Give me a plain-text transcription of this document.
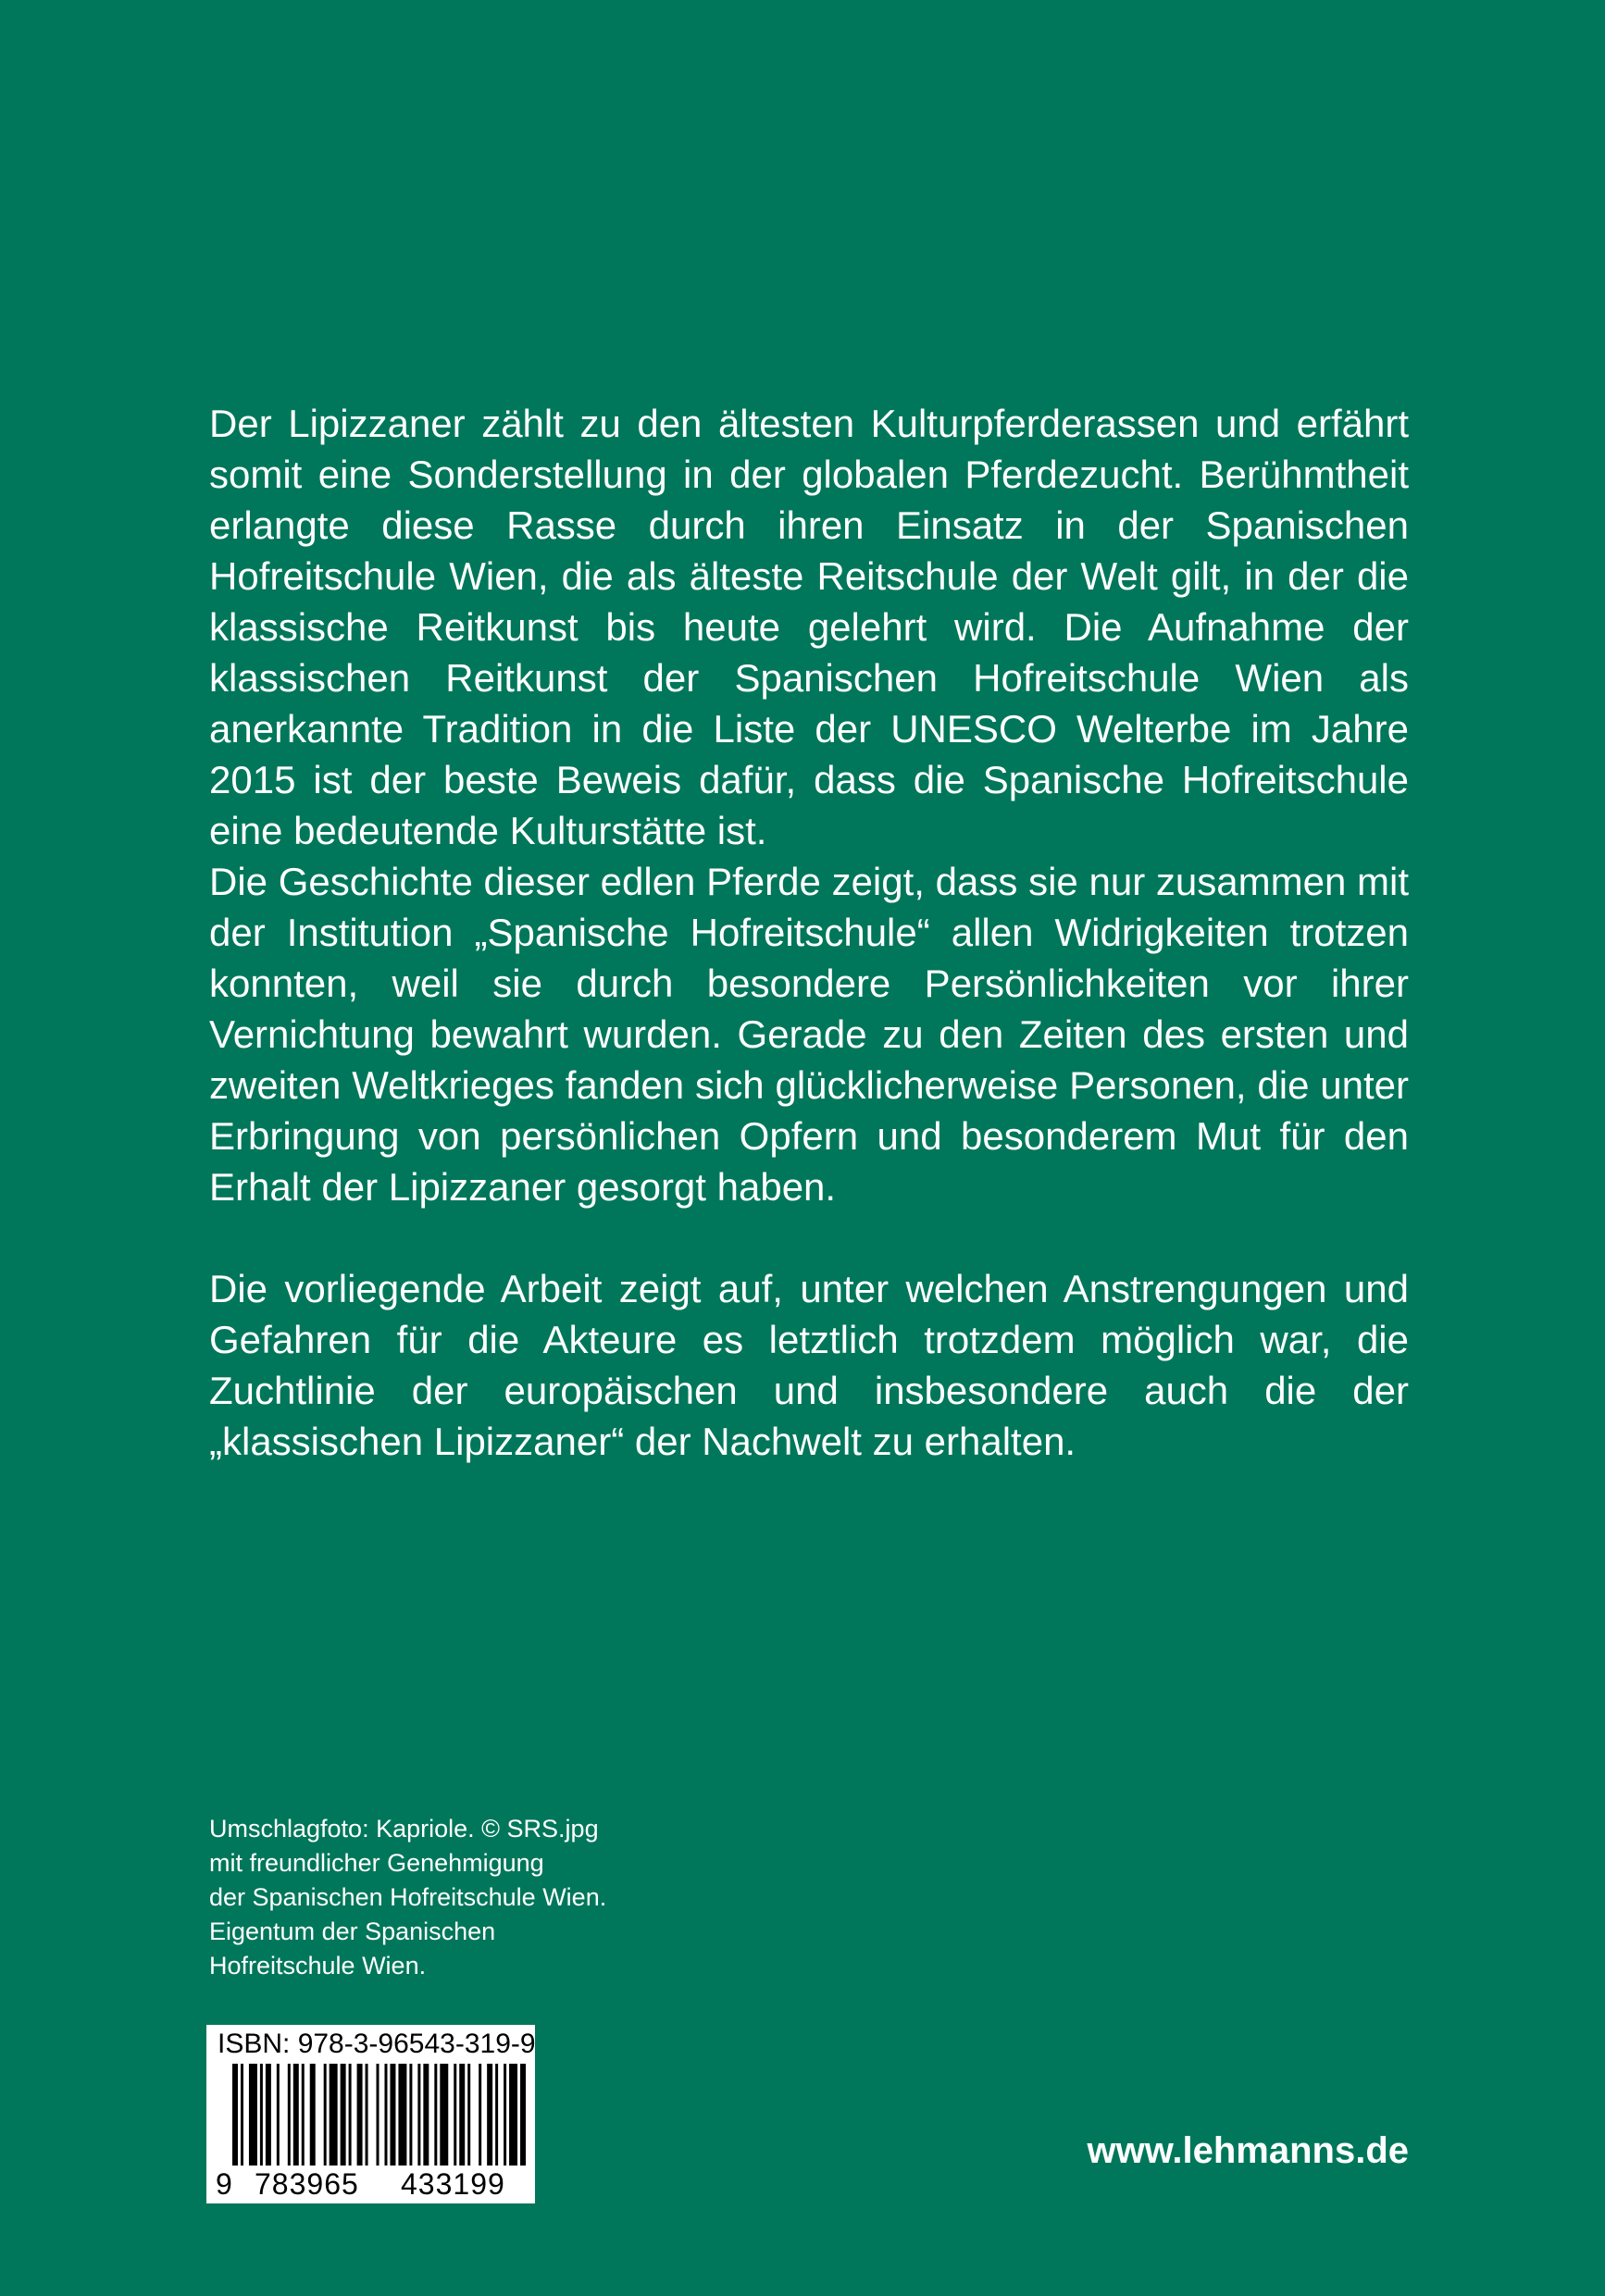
Der Lipizzaner zählt zu den ältesten Kulturpferderassen und erfährt somit eine Sonderstellung in der globalen Pferdezucht. Berühmtheit erlangte diese Rasse durch ihren Einsatz in der Spanischen Hofreitschule Wien, die als älteste Reitschule der Welt gilt, in der die klassische Reitkunst bis heute gelehrt wird. Die Aufnahme der klassischen Reitkunst der Spanischen Hofreitschule Wien als anerkannte Tradition in die Liste der UNESCO Welterbe im Jahre 2015 ist der beste Beweis dafür, dass die Spanische Hofreitschule eine bedeutende Kulturstätte ist.

Die Geschichte dieser edlen Pferde zeigt, dass sie nur zusammen mit der Institution „Spanische Hofreitschule“ allen Widrigkeiten trotzen konnten, weil sie durch besondere Persönlichkeiten vor ihrer Vernichtung bewahrt wurden. Gerade zu den Zeiten des ersten und zweiten Weltkrieges fanden sich glücklicherweise Personen, die unter Erbringung von persönlichen Opfern und besonderem Mut für den Erhalt der Lipizzaner gesorgt haben.

Die vorliegende Arbeit zeigt auf, unter welchen Anstrengungen und Gefahren für die Akteure es letztlich trotzdem möglich war, die Zuchtlinie der europäischen und insbesondere auch die der „klassischen Lipizzaner“ der Nachwelt zu erhalten.

Umschlagfoto: Kapriole. © SRS.jpg
mit freundlicher Genehmigung
der Spanischen Hofreitschule Wien.
Eigentum der Spanischen
Hofreitschule Wien.
ISBN: 978-3-96543-319-9
9 783965 433199
www.lehmanns.de
